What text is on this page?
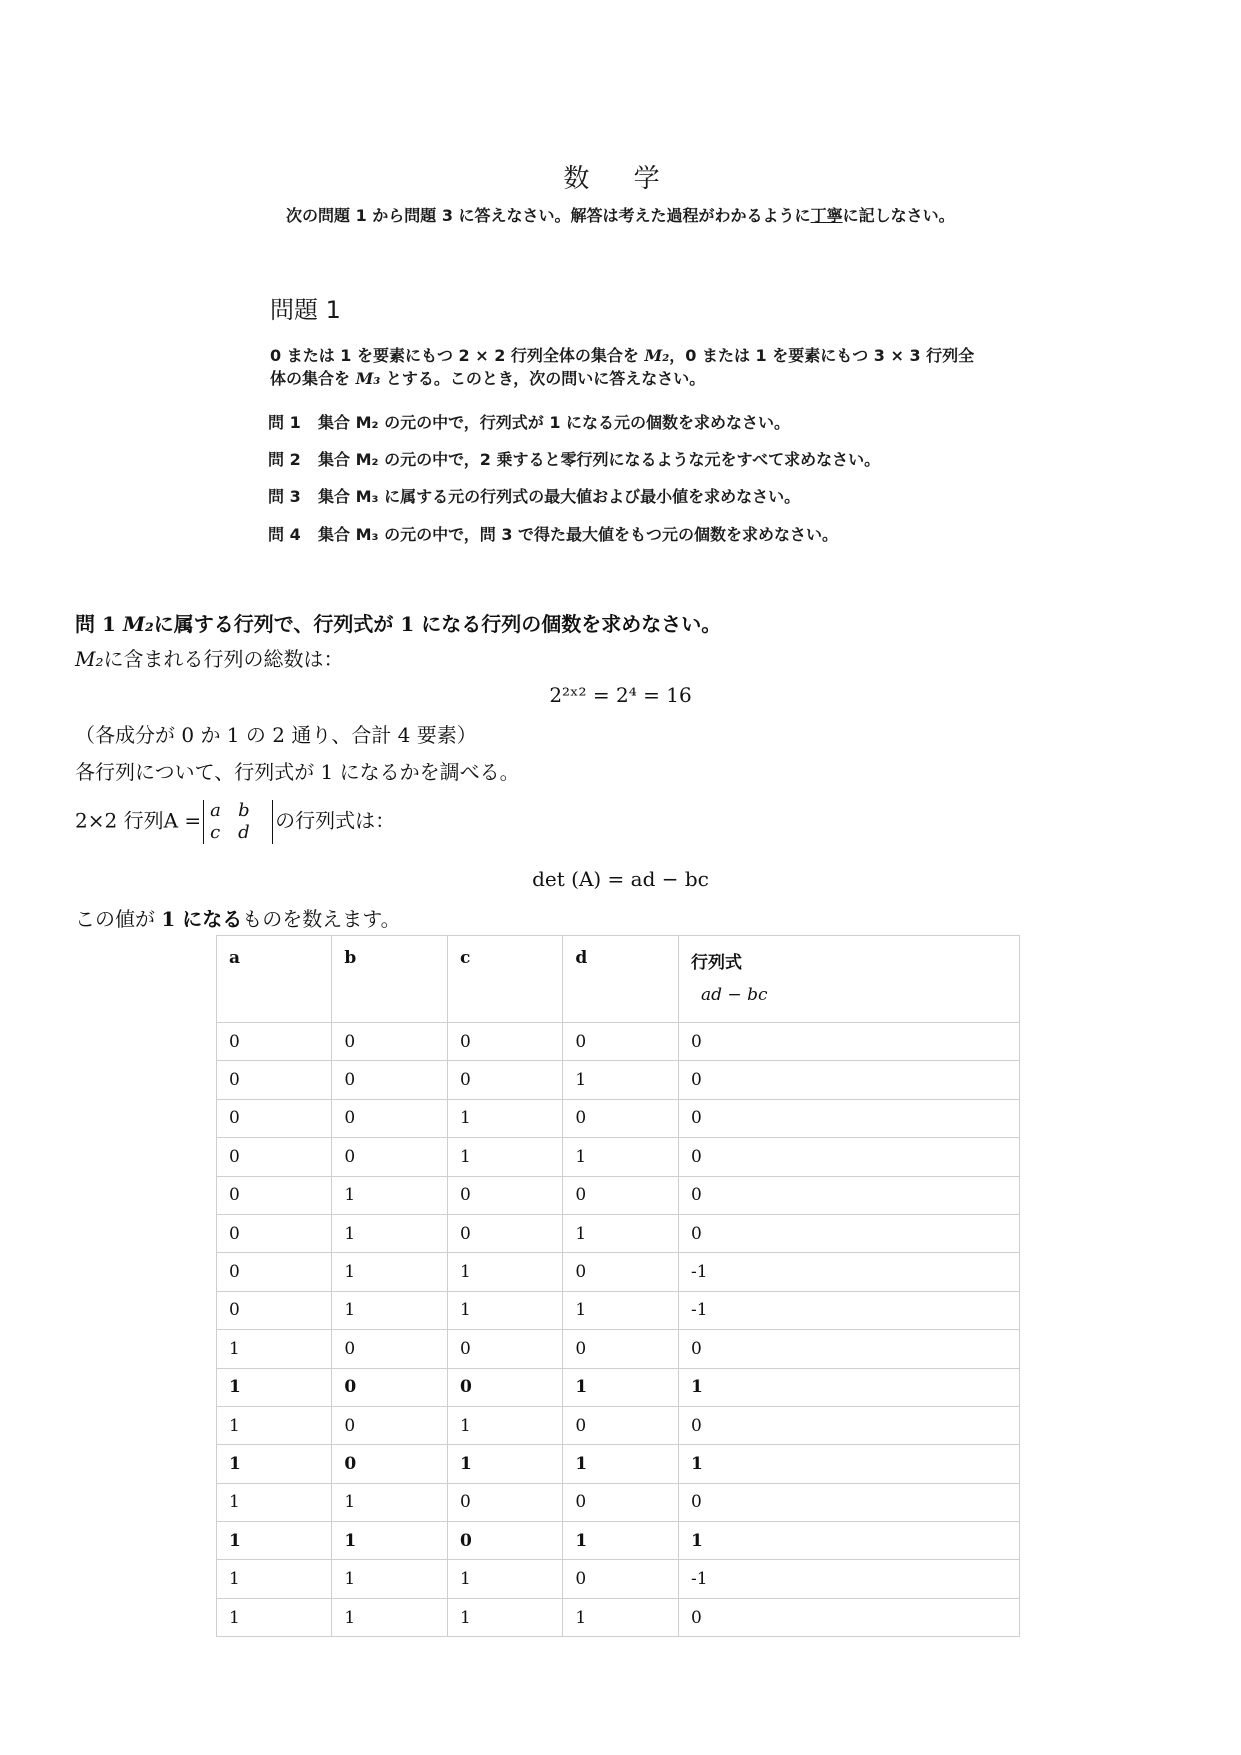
数 学
次の問題 1 から問題 3 に答えなさい。解答は考えた過程がわかるように丁寧に記しなさい。
問題 1
0 または 1 を要素にもつ 2 × 2 行列全体の集合を M₂，0 または 1 を要素にもつ 3 × 3 行列全体の集合を M₃ とする。このとき，次の問いに答えなさい。
問 1 集合 M₂ の元の中で，行列式が 1 になる元の個数を求めなさい。
問 2 集合 M₂ の元の中で，2 乗すると零行列になるような元をすべて求めなさい。
問 3 集合 M₃ に属する元の行列式の最大値および最小値を求めなさい。
問 4 集合 M₃ の元の中で，問 3 で得た最大値をもつ元の個数を求めなさい。
問 1 M₂に属する行列で、行列式が 1 になる行列の個数を求めなさい。
M₂に含まれる行列の総数は：
2²ˣ² = 2⁴ = 16
（各成分が 0 か 1 の 2 通り、合計 4 要素）
各行列について、行列式が 1 になるかを調べる。
2×2 行列A = a b
c d	の行列式は：
det (A) = ad − bc
この値が 1 になるものを数えます。
a	b	c	d	行列式
ad − bc

0	0	0	0	0
0	0	0	1	0
0	0	1	0	0
0	0	1	1	0
0	1	0	0	0
0	1	0	1	0
0	1	1	0	-1
0	1	1	1	-1
1	0	0	0	0
1	0	0	1	1
1	0	1	0	0
1	0	1	1	1
1	1	0	0	0
1	1	0	1	1
1	1	1	0	-1
1	1	1	1	0
